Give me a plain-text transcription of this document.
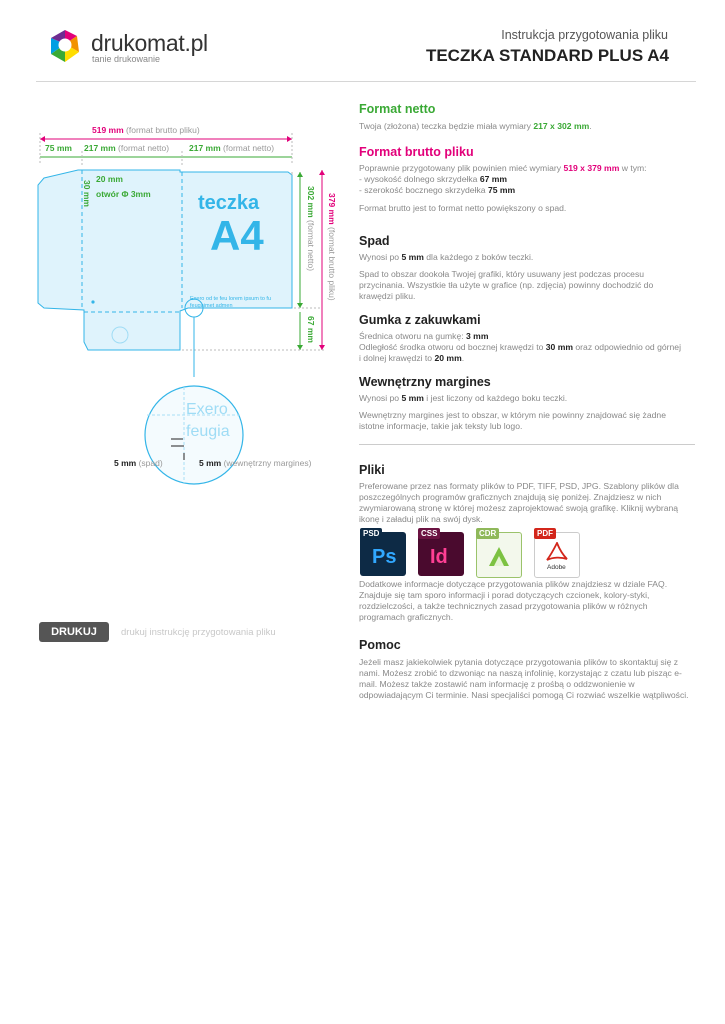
drukomat.pl
tanie drukowanie
Instrukcja przygotowania pliku
TECZKA STANDARD PLUS A4
519 mm (format brutto pliku)
75 mm 217 mm (format netto) 217 mm (format netto)
20 mm
otwór Φ 3mm
30 mm	teczka
A4
Exero od te feu lorem ipsum to fu feugaimet admen
302 mm (format netto)
379 mm (format brutto pliku)
67 mm
Exero
feugia
5 mm (spad)	5 mm (wewnętrzny margines)
DRUKUJ	drukuj instrukcję przygotowania pliku
Format netto

Twoja (złożona) teczka będzie miała wymiary 217 x 302 mm.

Format brutto pliku

Poprawnie przygotowany plik powinien mieć wymiary 519 x 379 mm w tym:

- wysokość dolnego skrzydełka 67 mm

- szerokość bocznego skrzydełka 75 mm

Format brutto jest to format netto powiększony o spad.

Spad

Wynosi po 5 mm dla każdego z boków teczki.

Spad to obszar dookoła Twojej grafiki, który usuwany jest podczas procesu przycinania. Wszystkie tła użyte w grafice (np. zdjęcia) powinny dochodzić do krawędzi pliku.

Gumka z zakuwkami

Średnica otworu na gumkę: 3 mm

Odległość środka otworu od bocznej krawędzi to 30 mm oraz odpowiednio od górnej i dolnej krawędzi to 20 mm.

Wewnętrzny margines

Wynosi po 5 mm i jest liczony od każdego boku teczki.

Wewnętrzny margines jest to obszar, w którym nie powinny znajdować się żadne istotne informacje, takie jak teksty lub logo.

Pliki

Preferowane przez nas formaty plików to PDF, TIFF, PSD, JPG. Szablony plików dla poszczególnych programów graficznych znajdują się poniżej. Znajdziesz w nich zwymiarowaną stronę w której możesz zaprojektować swoją grafikę. Kliknij wybraną ikonę i załaduj plik na swój dysk.

PSD
Ps
CSS
Id
CDR	PDF
Adobe

Dodatkowe informacje dotyczące przygotowania plików znajdziesz w dziale FAQ. Znajduje się tam sporo informacji i porad dotyczących czcionek, kolory-styki, rozdzielczości, a także technicznych zasad przygotowania plików w różnych programach graficznych.

Pomoc

Jeżeli masz jakiekolwiek pytania dotyczące przygotowania plików to skontaktuj się z nami. Możesz zrobić to dzwoniąc na naszą infolinię, korzystając z czatu lub pisząc e-mail. Możesz także zostawić nam informację z prośbą o oddzwonienie w odpowiadającym Ci terminie. Nasi specjaliści pomogą Ci rozwiać wszelkie wątpliwości.
